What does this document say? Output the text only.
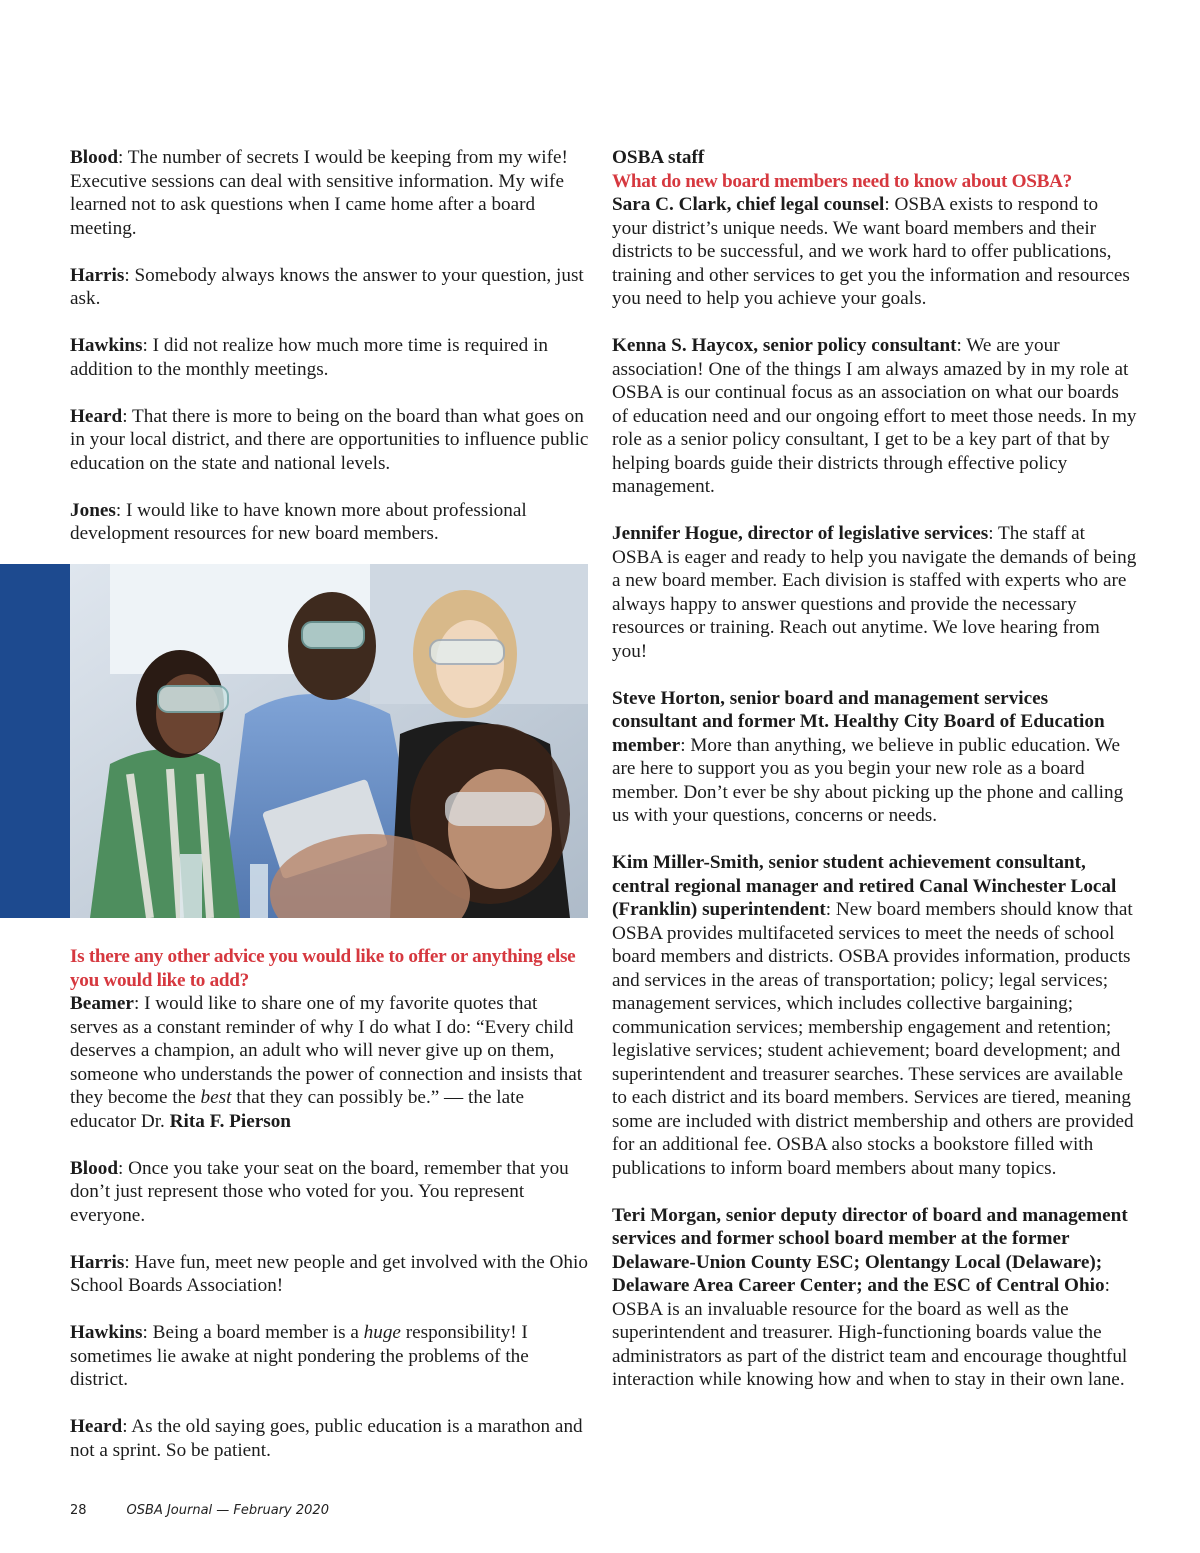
Blood: The number of secrets I would be keeping from my wife! Executive sessions can deal with sensitive information. My wife learned not to ask questions when I came home after a board meeting.

Harris: Somebody always knows the answer to your question, just ask.

Hawkins: I did not realize how much more time is required in addition to the monthly meetings.

Heard: That there is more to being on the board than what goes on in your local district, and there are opportunities to influence public education on the state and national levels.

Jones: I would like to have known more about professional development resources for new board members.

Is there any other advice you would like to offer or anything else you would like to add?

Beamer: I would like to share one of my favorite quotes that serves as a constant reminder of why I do what I do: “Every child deserves a champion, an adult who will never give up on them, someone who understands the power of connection and insists that they become the best that they can possibly be.” — the late educator Dr. Rita F. Pierson

Blood: Once you take your seat on the board, remember that you don’t just represent those who voted for you. You represent everyone.

Harris: Have fun, meet new people and get involved with the Ohio School Boards Association!

Hawkins: Being a board member is a huge responsibility! I sometimes lie awake at night pondering the problems of the district.

Heard: As the old saying goes, public education is a marathon and not a sprint. So be patient.

OSBA staff

What do new board members need to know about OSBA?

Sara C. Clark, chief legal counsel: OSBA exists to respond to your district’s unique needs. We want board members and their districts to be successful, and we work hard to offer publications, training and other services to get you the information and resources you need to help you achieve your goals.

Kenna S. Haycox, senior policy consultant: We are your association! One of the things I am always amazed by in my role at OSBA is our continual focus as an association on what our boards of education need and our ongoing effort to meet those needs. In my role as a senior policy consultant, I get to be a key part of that by helping boards guide their districts through effective policy management.

Jennifer Hogue, director of legislative services: The staff at OSBA is eager and ready to help you navigate the demands of being a new board member. Each division is staffed with experts who are always happy to answer questions and provide the necessary resources or training. Reach out anytime. We love hearing from you!

Steve Horton, senior board and management services consultant and former Mt. Healthy City Board of Education member: More than anything, we believe in public education. We are here to support you as you begin your new role as a board member. Don’t ever be shy about picking up the phone and calling us with your questions, concerns or needs.

Kim Miller-Smith, senior student achievement consultant, central regional manager and retired Canal Winchester Local (Franklin) superintendent: New board members should know that OSBA provides multifaceted services to meet the needs of school board members and districts. OSBA provides information, products and services in the areas of transportation; policy; legal services; management services, which includes collective bargaining; communication services; membership engagement and retention; legislative services; student achievement; board development; and superintendent and treasurer searches. These services are available to each district and its board members. Services are tiered, meaning some are included with district membership and others are provided for an additional fee. OSBA also stocks a bookstore filled with publications to inform board members about many topics.

Teri Morgan, senior deputy director of board and management services and former school board member at the former Delaware-Union County ESC; Olentangy Local (Delaware); Delaware Area Career Center; and the ESC of Central Ohio: OSBA is an invaluable resource for the board as well as the superintendent and treasurer. High-functioning boards value the administrators as part of the district team and encourage thoughtful interaction while knowing how and when to stay in their own lane.

28	OSBA Journal — February 2020
